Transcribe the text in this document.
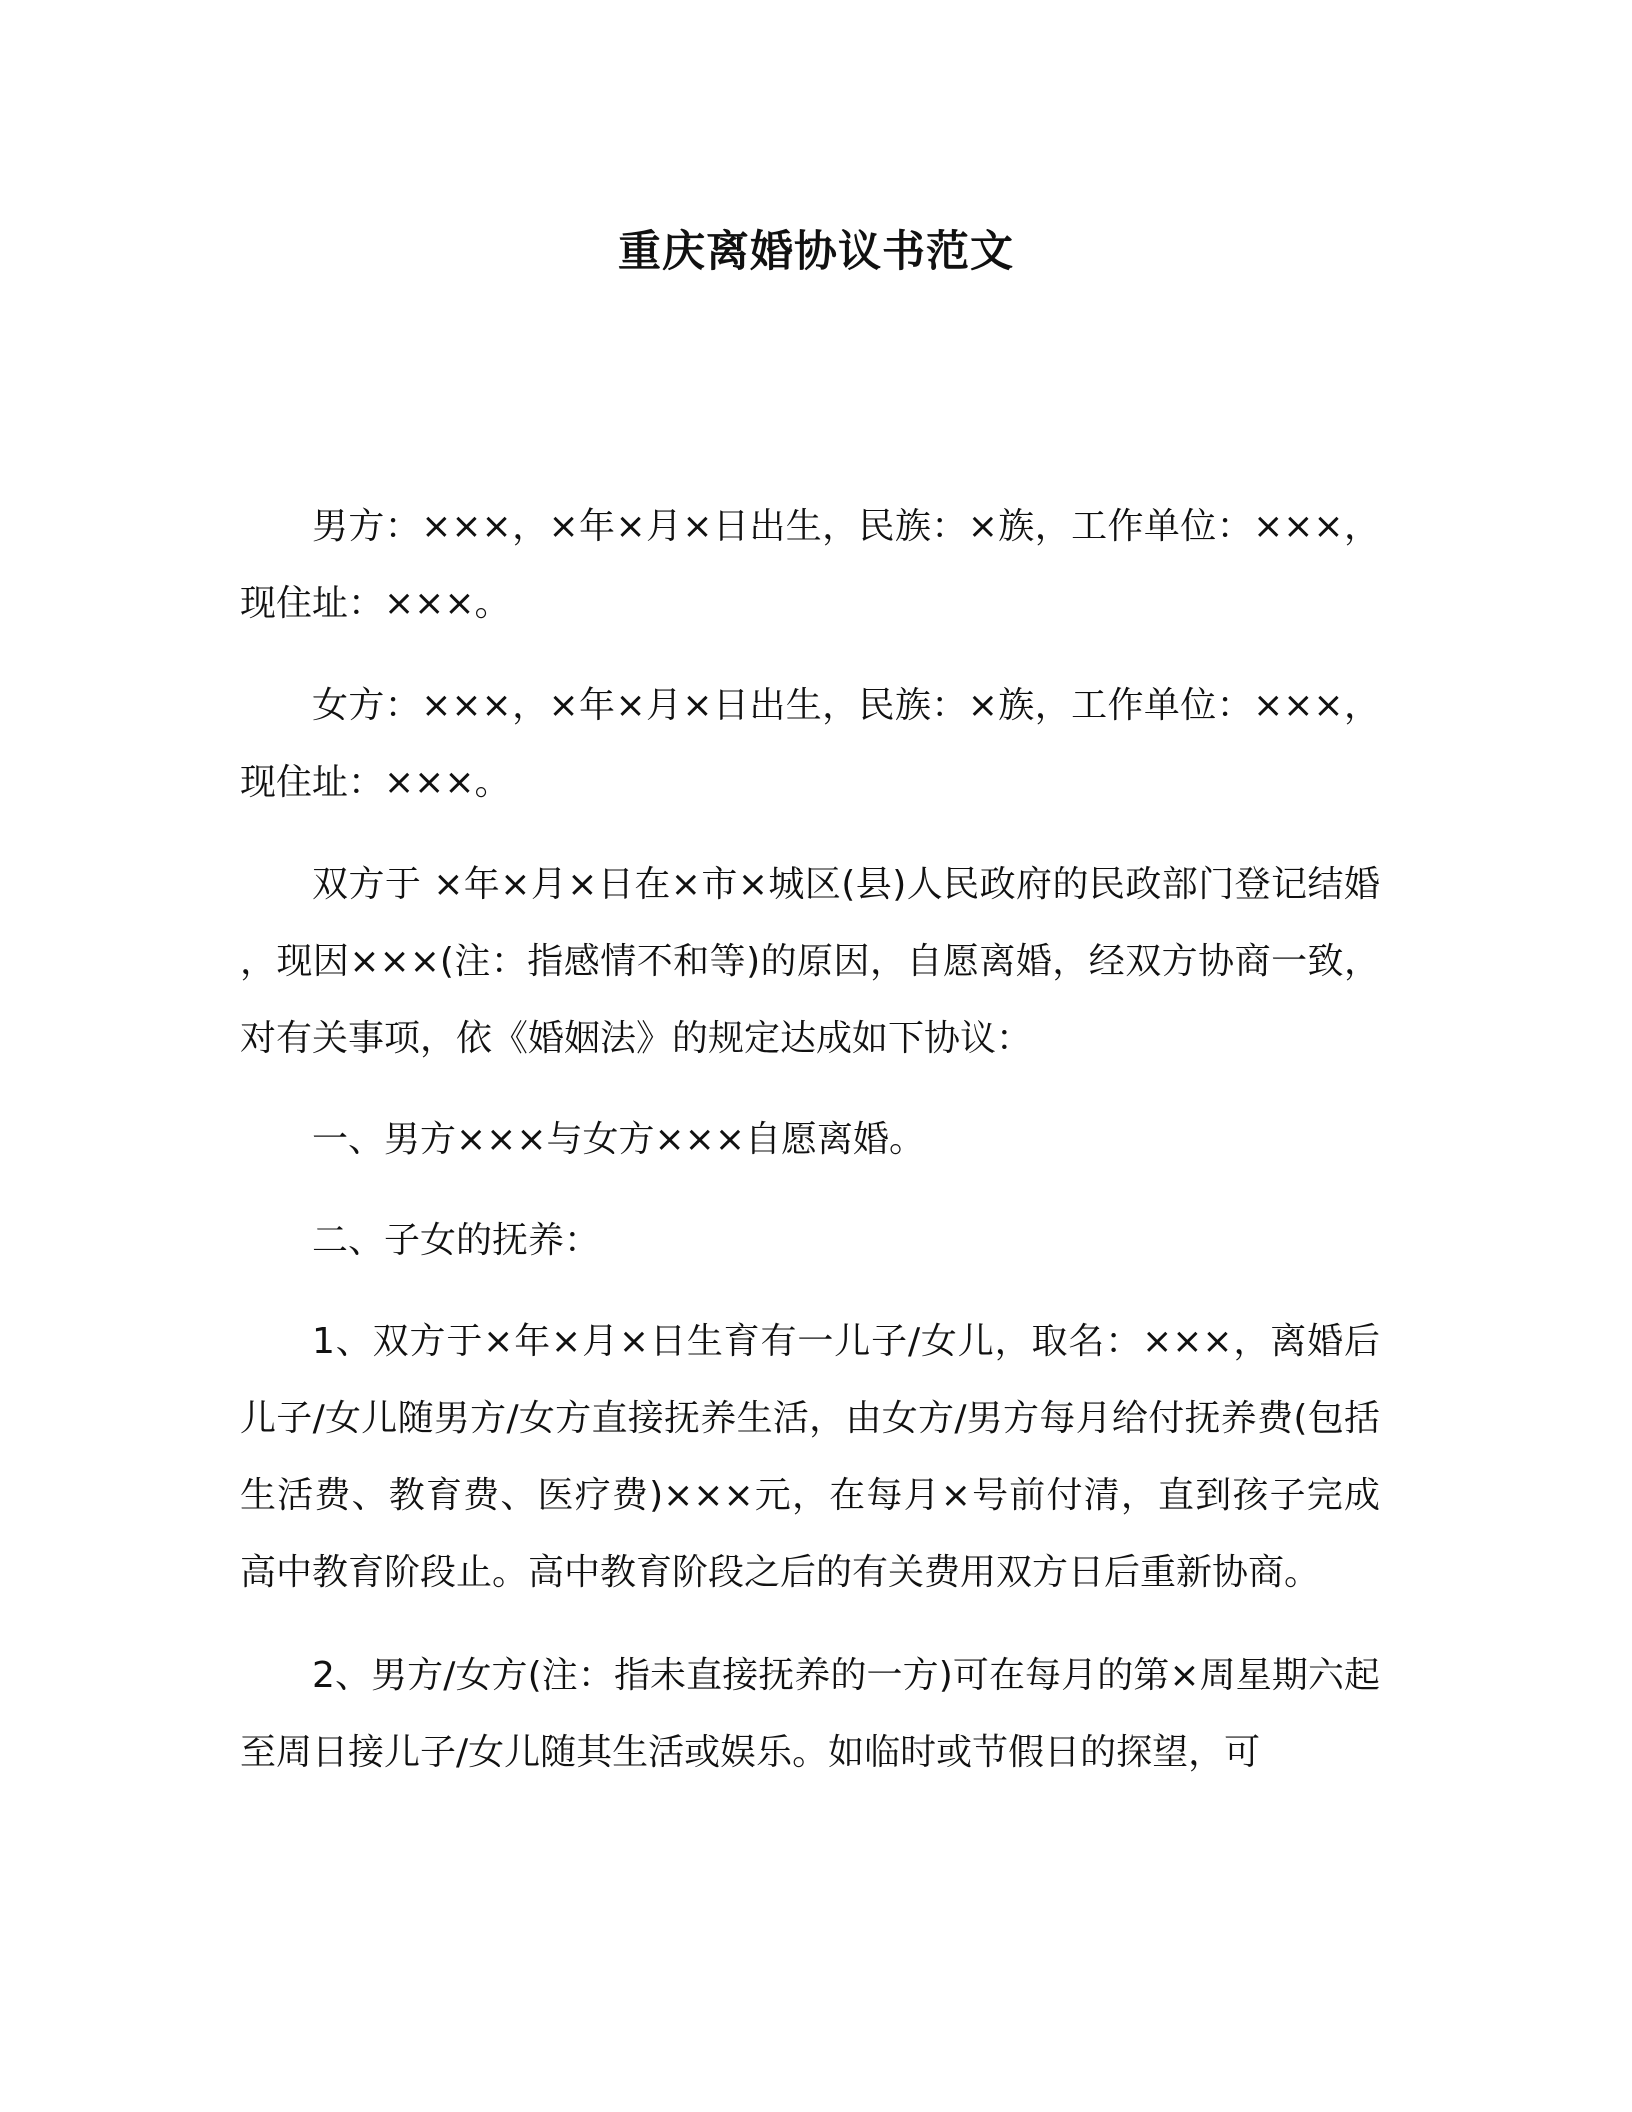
重庆离婚协议书范文

男方：×××，×年×月×日出生，民族：×族，工作单位：×××，现住址：×××。

女方：×××，×年×月×日出生，民族：×族，工作单位：×××，现住址：×××。

双方于 ×年×月×日在×市×城区(县)人民政府的民政部门登记结婚，现因×××(注：指感情不和等)的原因，自愿离婚，经双方协商一致，对有关事项，依《婚姻法》的规定达成如下协议：

一、男方×××与女方×××自愿离婚。

二、子女的抚养：

1、双方于×年×月×日生育有一儿子/女儿，取名：×××，离婚后儿子/女儿随男方/女方直接抚养生活，由女方/男方每月给付抚养费(包括生活费、教育费、医疗费)×××元，在每月×号前付清，直到孩子完成高中教育阶段止。高中教育阶段之后的有关费用双方日后重新协商。

2、男方/女方(注：指未直接抚养的一方)可在每月的第×周星期六起至周日接儿子/女儿随其生活或娱乐。如临时或节假日的探望，可
